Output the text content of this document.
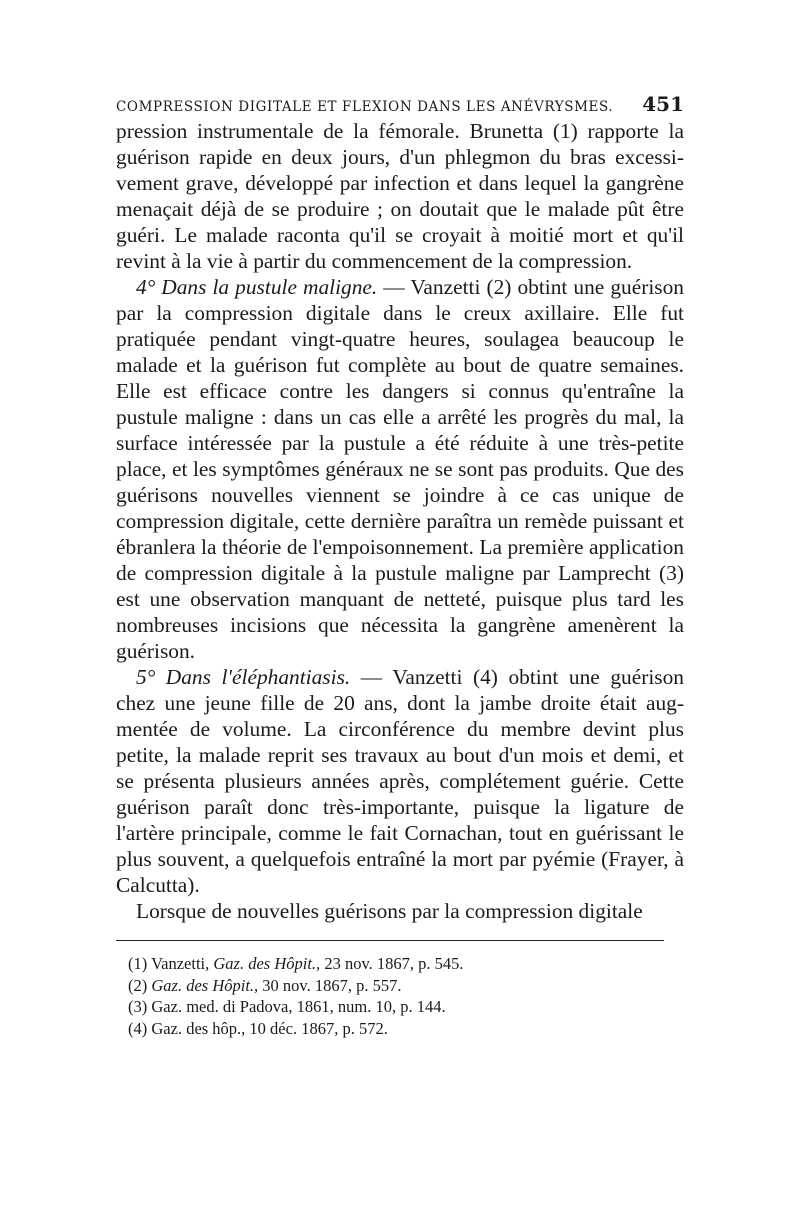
COMPRESSION DIGITALE ET FLEXION DANS LES ANÉVRYSMES. 451

pression instrumentale de la fémorale. Brunetta (1) rapporte la guérison rapide en deux jours, d'un phlegmon du bras excessivement grave, développé par infection et dans lequel la gangrène menaçait déjà de se produire ; on doutait que le malade pût être guéri. Le malade raconta qu'il se croyait à moitié mort et qu'il revint à la vie à partir du commencement de la compression.

4° Dans la pustule maligne. — Vanzetti (2) obtint une guérison par la compression digitale dans le creux axillaire. Elle fut pratiquée pendant vingt-quatre heures, soulagea beaucoup le malade et la guérison fut complète au bout de quatre semaines. Elle est efficace contre les dangers si connus qu'entraîne la pustule maligne : dans un cas elle a arrêté les progrès du mal, la surface intéressée par la pustule a été réduite à une très-petite place, et les symptômes généraux ne se sont pas produits. Que des guérisons nouvelles viennent se joindre à ce cas unique de compression digitale, cette dernière paraîtra un remède puissant et ébranlera la théorie de l'empoisonnement. La première application de compression digitale à la pustule maligne par Lamprecht (3) est une observation manquant de netteté, puisque plus tard les nombreuses incisions que nécessita la gangrène amenèrent la guérison.

5° Dans l'éléphantiasis. — Vanzetti (4) obtint une guérison chez une jeune fille de 20 ans, dont la jambe droite était augmentée de volume. La circonférence du membre devint plus petite, la malade reprit ses travaux au bout d'un mois et demi, et se présenta plusieurs années après, complétement guérie. Cette guérison paraît donc très-importante, puisque la ligature de l'artère principale, comme le fait Cornachan, tout en guérissant le plus souvent, a quelquefois entraîné la mort par pyémie (Frayer, à Calcutta).

Lorsque de nouvelles guérisons par la compression digitale

(1) Vanzetti, Gaz. des Hôpit., 23 nov. 1867, p. 545.
(2) Gaz. des Hôpit., 30 nov. 1867, p. 557.
(3) Gaz. med. di Padova, 1861, num. 10, p. 144.
(4) Gaz. des hôp., 10 déc. 1867, p. 572.
